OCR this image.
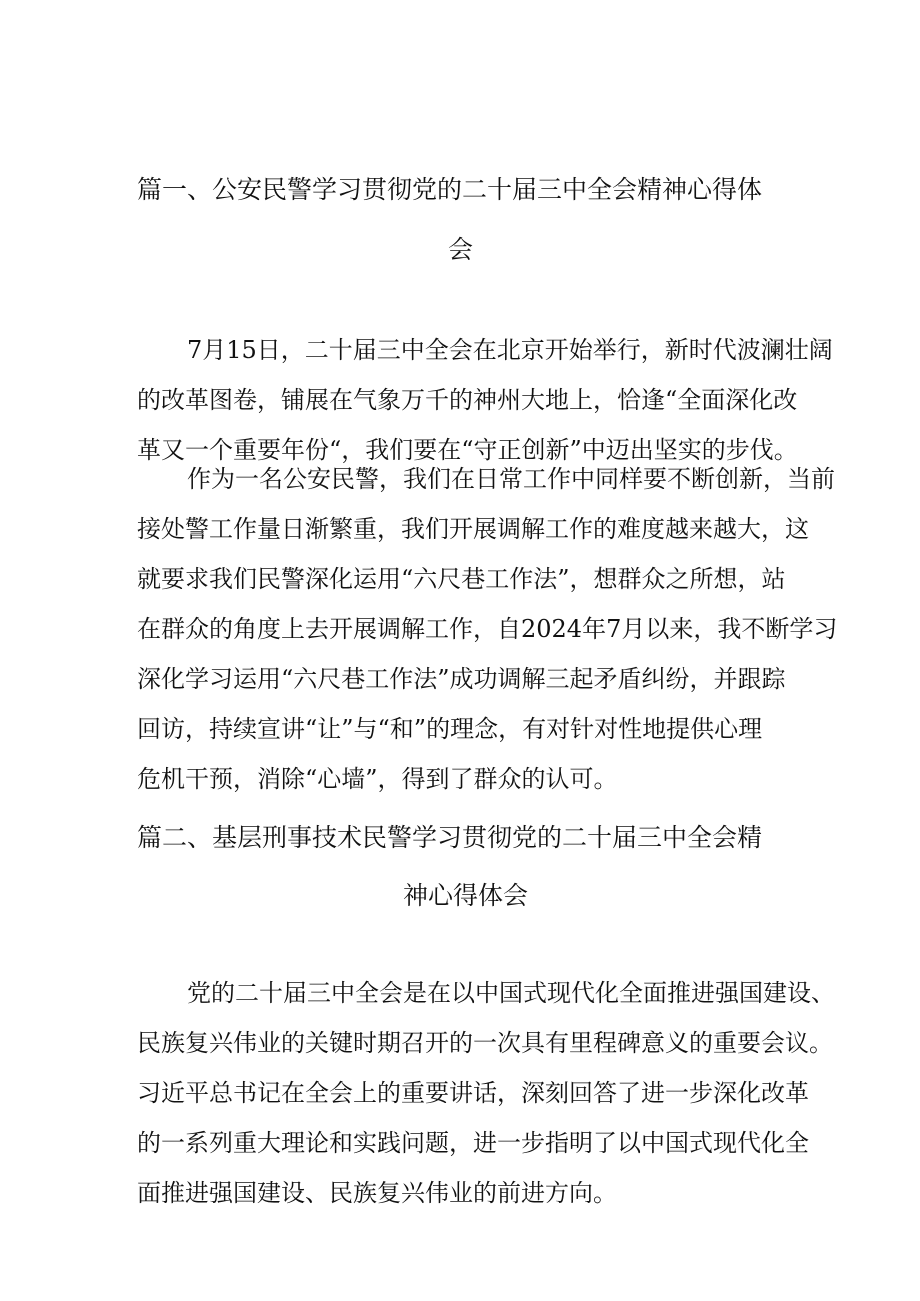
篇一、公安民警学习贯彻党的二十届三中全会精神心得体
会
7月15日，二十届三中全会在北京开始举行，新时代波澜壮阔
的改革图卷，铺展在气象万千的神州大地上，恰逢“全面深化改
革又一个重要年份“，我们要在“守正创新”中迈出坚实的步伐。
作为一名公安民警，我们在日常工作中同样要不断创新，当前
接处警工作量日渐繁重，我们开展调解工作的难度越来越大，这
就要求我们民警深化运用“六尺巷工作法”，想群众之所想，站
在群众的角度上去开展调解工作，自2024年7月以来，我不断学习
深化学习运用“六尺巷工作法”成功调解三起矛盾纠纷，并跟踪
回访，持续宣讲“让”与“和”的理念，有对针对性地提供心理
危机干预，消除“心墙”，得到了群众的认可。
篇二、基层刑事技术民警学习贯彻党的二十届三中全会精
神心得体会
党的二十届三中全会是在以中国式现代化全面推进强国建设、
民族复兴伟业的关键时期召开的一次具有里程碑意义的重要会议。
习近平总书记在全会上的重要讲话，深刻回答了进一步深化改革
的一系列重大理论和实践问题，进一步指明了以中国式现代化全
面推进强国建设、民族复兴伟业的前进方向。
